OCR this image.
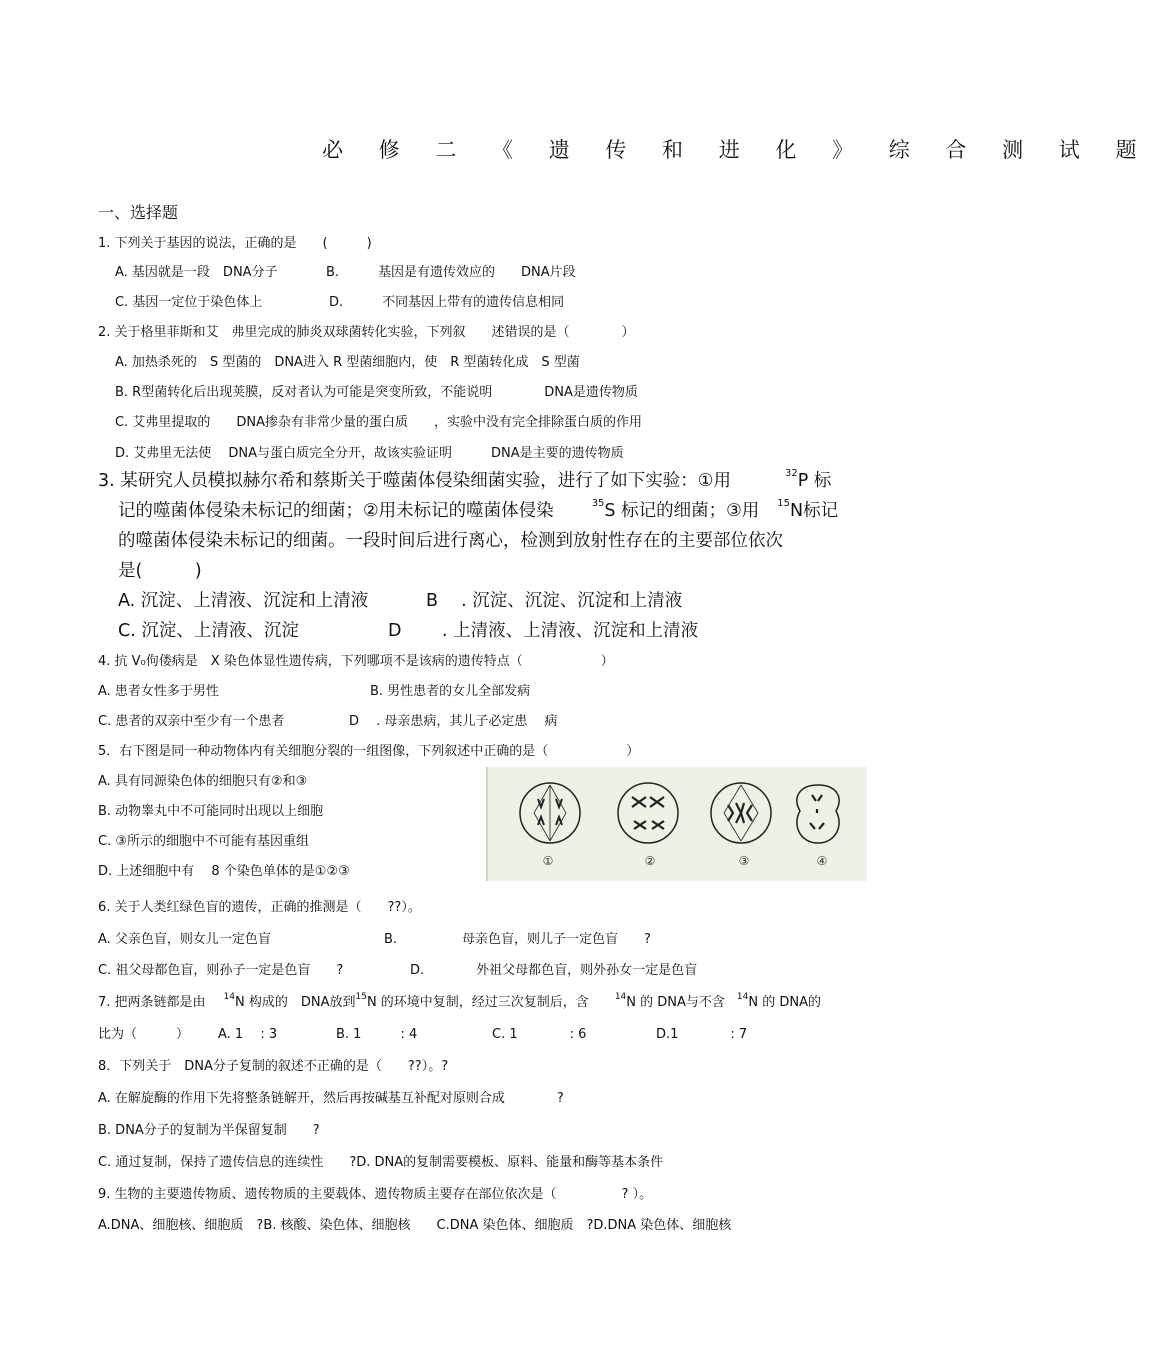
必 修 二 《 遗 传 和 进 化 》 综 合 测 试 题
一、选择题
1. 下列关于基因的说法，正确的是　　(　　　)
A. 基因就是一段　DNA分子	B.　　　基因是有遗传效应的　　DNA片段
C. 基因一定位于染色体上	D.　　　不同基因上带有的遗传信息相同
2. 关于格里菲斯和艾　弗里完成的肺炎双球菌转化实验，下列叙　　述错误的是（　　　　）
A. 加热杀死的　S 型菌的　DNA进入 R 型菌细胞内，使　R 型菌转化成　S 型菌
B. R型菌转化后出现荚膜，反对者认为可能是突变所致，不能说明　　　　DNA是遗传物质
C. 艾弗里提取的　　DNA掺杂有非常少量的蛋白质　　，实验中没有完全排除蛋白质的作用
D. 艾弗里无法使　 DNA与蛋白质完全分开，故该实验证明　　　DNA是主要的遗传物质
3. 某研究人员模拟赫尔希和蔡斯关于噬菌体侵染细菌实验，进行了如下实验：①用	$^{32}$P 标
记的噬菌体侵染未标记的细菌；②用未标记的噬菌体侵染	$^{35}$S 标记的细菌；③用 $^{15}$N标记
的噬菌体侵染未标记的细菌。一段时间后进行离心，检测到放射性存在的主要部位依次
是(　　　)
A. 沉淀、上清液、沉淀和上清液	B　 . 沉淀、沉淀、沉淀和上清液
C. 沉淀、上清液、沉淀	D　　 . 上清液、上清液、沉淀和上清液
4. 抗 V₀佝偻病是　X 染色体显性遗传病，下列哪项不是该病的遗传特点（　　　　　　）
A. 患者女性多于男性	B. 男性患者的女儿全部发病
C. 患者的双亲中至少有一个患者	D　 . 母亲患病，其儿子必定患　 病
5．右下图是同一种动物体内有关细胞分裂的一组图像，下列叙述中正确的是（　　　　　　）
A. 具有同源染色体的细胞只有②和③
B. 动物睾丸中不可能同时出现以上细胞
C. ③所示的细胞中不可能有基因重组
D. 上述细胞中有　 8 个染色单体的是①②③
①	②	③	④
6. 关于人类红绿色盲的遗传，正确的推测是（　　??）。
A. 父亲色盲，则女儿一定色盲	B.　　　　　母亲色盲，则儿子一定色盲　　?
C. 祖父母都色盲，则孙子一定是色盲　　?	D.　　　　外祖父母都色盲，则外孙女一定是色盲
7. 把两条链都是由 $^{14}$N 构成的　DNA放到$^{15}$N 的环境中复制，经过三次复制后，含	$^{14}$N 的 DNA与不含 $^{14}$N 的 DNA的
比为（　　　） A. 1　 : 3	B. 1　　　: 4	C. 1　　　　: 6	D.1　　　　: 7
8．下列关于　DNA分子复制的叙述不正确的是（　　??）。?
A. 在解旋酶的作用下先将整条链解开，然后再按碱基互补配对原则合成　　　　?
B. DNA分子的复制为半保留复制　　?
C. 通过复制，保持了遗传信息的连续性　　?D. DNA的复制需要模板、原料、能量和酶等基本条件
9. 生物的主要遗传物质、遗传物质的主要载体、遗传物质主要存在部位依次是（　　　　　? ）。
A.DNA、细胞核、细胞质　?B. 核酸、染色体、细胞核　　C.DNA 染色体、细胞质　?D.DNA 染色体、细胞核
